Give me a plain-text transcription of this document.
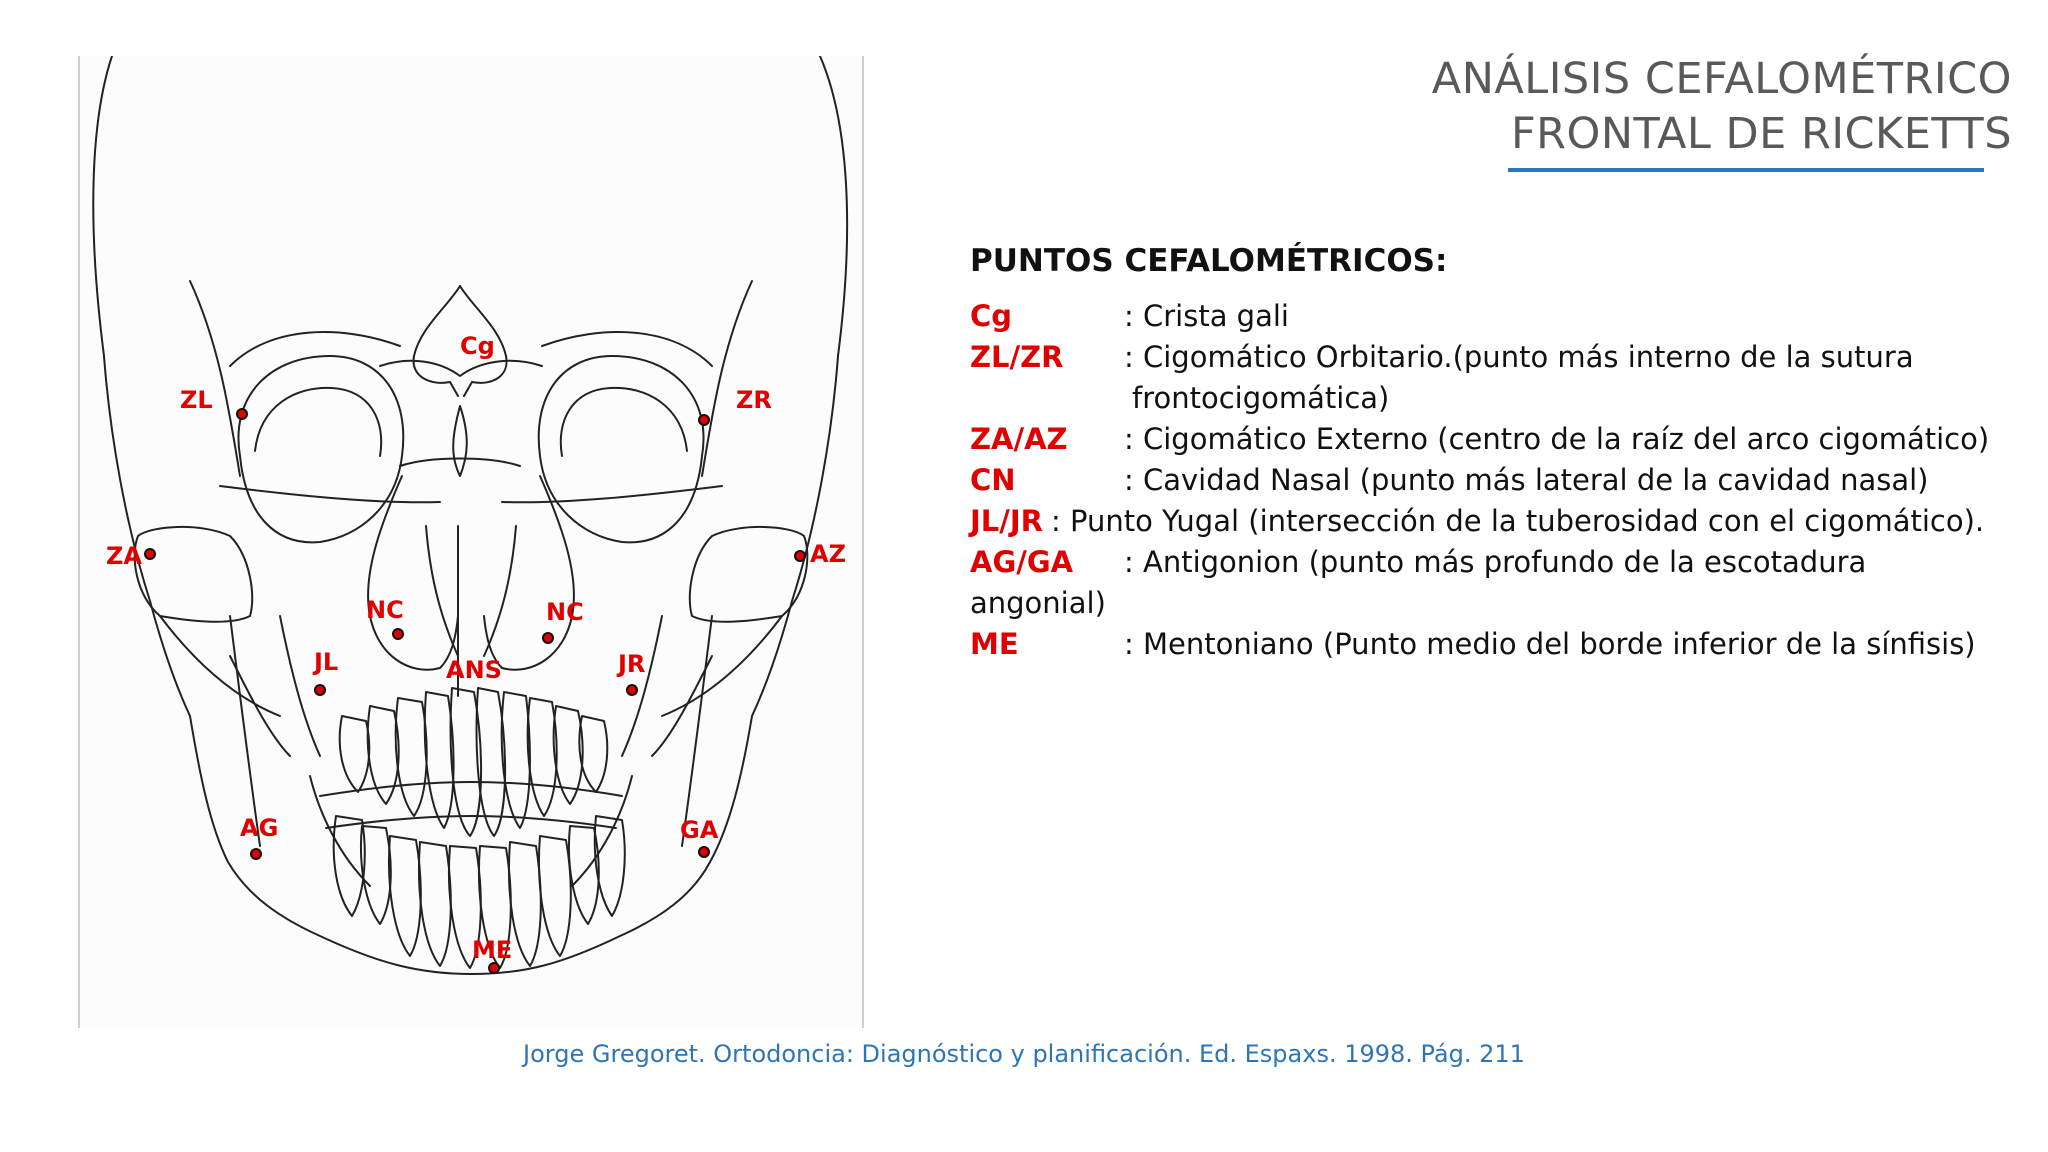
ANÁLISIS CEFALOMÉTRICO
FRONTAL DE RICKETTS
Cg
ZL	ZR
ZA	AZ
NC	NC
JL	JR
ANS
AG	GA
ME
PUNTOS CEFALOMÉTRICOS:
Cg	: Crista gali
ZL/ZR : Cigomático Orbitario.(punto más interno de la sutura
frontocigomática)
ZA/AZ : Cigomático Externo (centro de la raíz del arco cigomático)
CN	: Cavidad Nasal (punto más lateral de la cavidad nasal)
JL/JR : Punto Yugal (intersección de la tuberosidad con el cigomático).
AG/GA : Antigonion (punto más profundo de la escotadura angonial)
ME	: Mentoniano (Punto medio del borde inferior de la sínfisis)
Jorge Gregoret. Ortodoncia: Diagnóstico y planificación. Ed. Espaxs. 1998. Pág. 211
